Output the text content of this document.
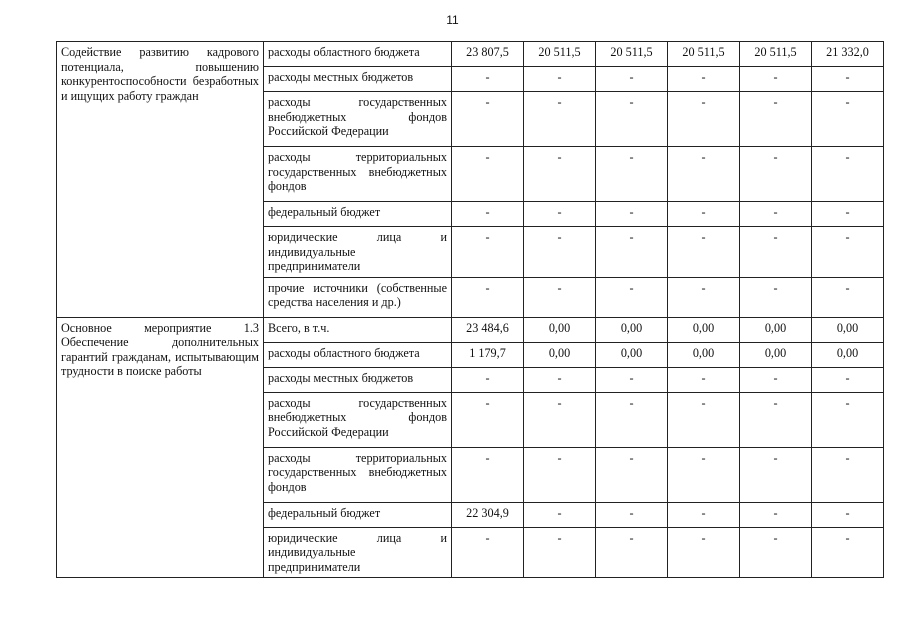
11
Содействие развитию кадрового потенциала, повышению конкурентоспособности безработных и ищущих работу граждан	расходы областного бюджета	23 807,5	20 511,5	20 511,5	20 511,5	20 511,5	21 332,0
	расходы местных бюджетов	-	-	-	-	-	-
	расходы государственных внебюджетных фондов Российской Федерации	-	-	-	-	-	-
	расходы территориальных государственных внебюджетных фондов	-	-	-	-	-	-
	федеральный бюджет	-	-	-	-	-	-
	юридические лица и индивидуальные предприниматели	-	-	-	-	-	-
	прочие источники (собственные средства населения и др.)	-	-	-	-	-	-
Основное мероприятие 1.3 Обеспечение дополнительных гарантий гражданам, испытывающим трудности в поиске работы	Всего, в т.ч.	23 484,6	0,00	0,00	0,00	0,00	0,00
	расходы областного бюджета	1 179,7	0,00	0,00	0,00	0,00	0,00
	расходы местных бюджетов	-	-	-	-	-	-
	расходы государственных внебюджетных фондов Российской Федерации	-	-	-	-	-	-
	расходы территориальных государственных внебюджетных фондов	-	-	-	-	-	-
	федеральный бюджет	22 304,9	-	-	-	-	-
	юридические лица и индивидуальные предприниматели	-	-	-	-	-	-
